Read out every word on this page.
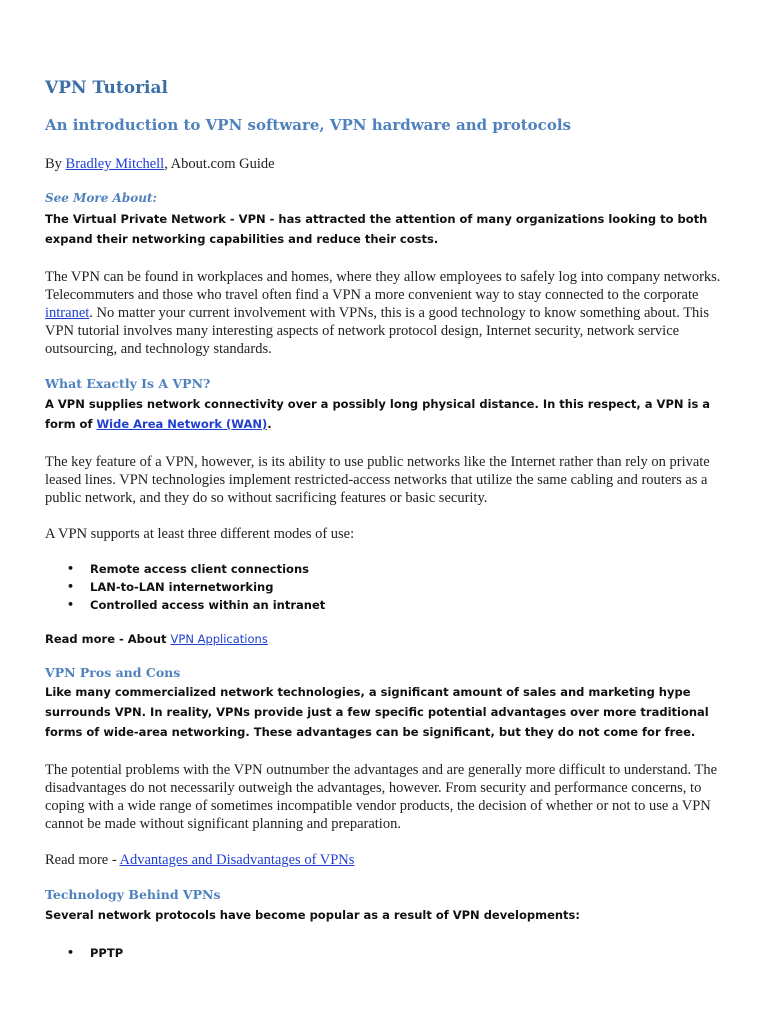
VPN Tutorial
An introduction to VPN software, VPN hardware and protocols

By Bradley Mitchell, About.com Guide

See More About:

The Virtual Private Network - VPN - has attracted the attention of many organizations looking to both expand their networking capabilities and reduce their costs.

The VPN can be found in workplaces and homes, where they allow employees to safely log into company networks. Telecommuters and those who travel often find a VPN a more convenient way to stay connected to the corporate intranet. No matter your current involvement with VPNs, this is a good technology to know something about. This VPN tutorial involves many interesting aspects of network protocol design, Internet security, network service outsourcing, and technology standards.

What Exactly Is A VPN?

A VPN supplies network connectivity over a possibly long physical distance. In this respect, a VPN is a form of Wide Area Network (WAN).

The key feature of a VPN, however, is its ability to use public networks like the Internet rather than rely on private leased lines. VPN technologies implement restricted-access networks that utilize the same cabling and routers as a public network, and they do so without sacrificing features or basic security.

A VPN supports at least three different modes of use:

• Remote access client connections
• LAN-to-LAN internetworking
• Controlled access within an intranet

Read more - About VPN Applications

VPN Pros and Cons

Like many commercialized network technologies, a significant amount of sales and marketing hype surrounds VPN. In reality, VPNs provide just a few specific potential advantages over more traditional forms of wide-area networking. These advantages can be significant, but they do not come for free.

The potential problems with the VPN outnumber the advantages and are generally more difficult to understand. The disadvantages do not necessarily outweigh the advantages, however. From security and performance concerns, to coping with a wide range of sometimes incompatible vendor products, the decision of whether or not to use a VPN cannot be made without significant planning and preparation.

Read more - Advantages and Disadvantages of VPNs

Technology Behind VPNs

Several network protocols have become popular as a result of VPN developments:

• PPTP
